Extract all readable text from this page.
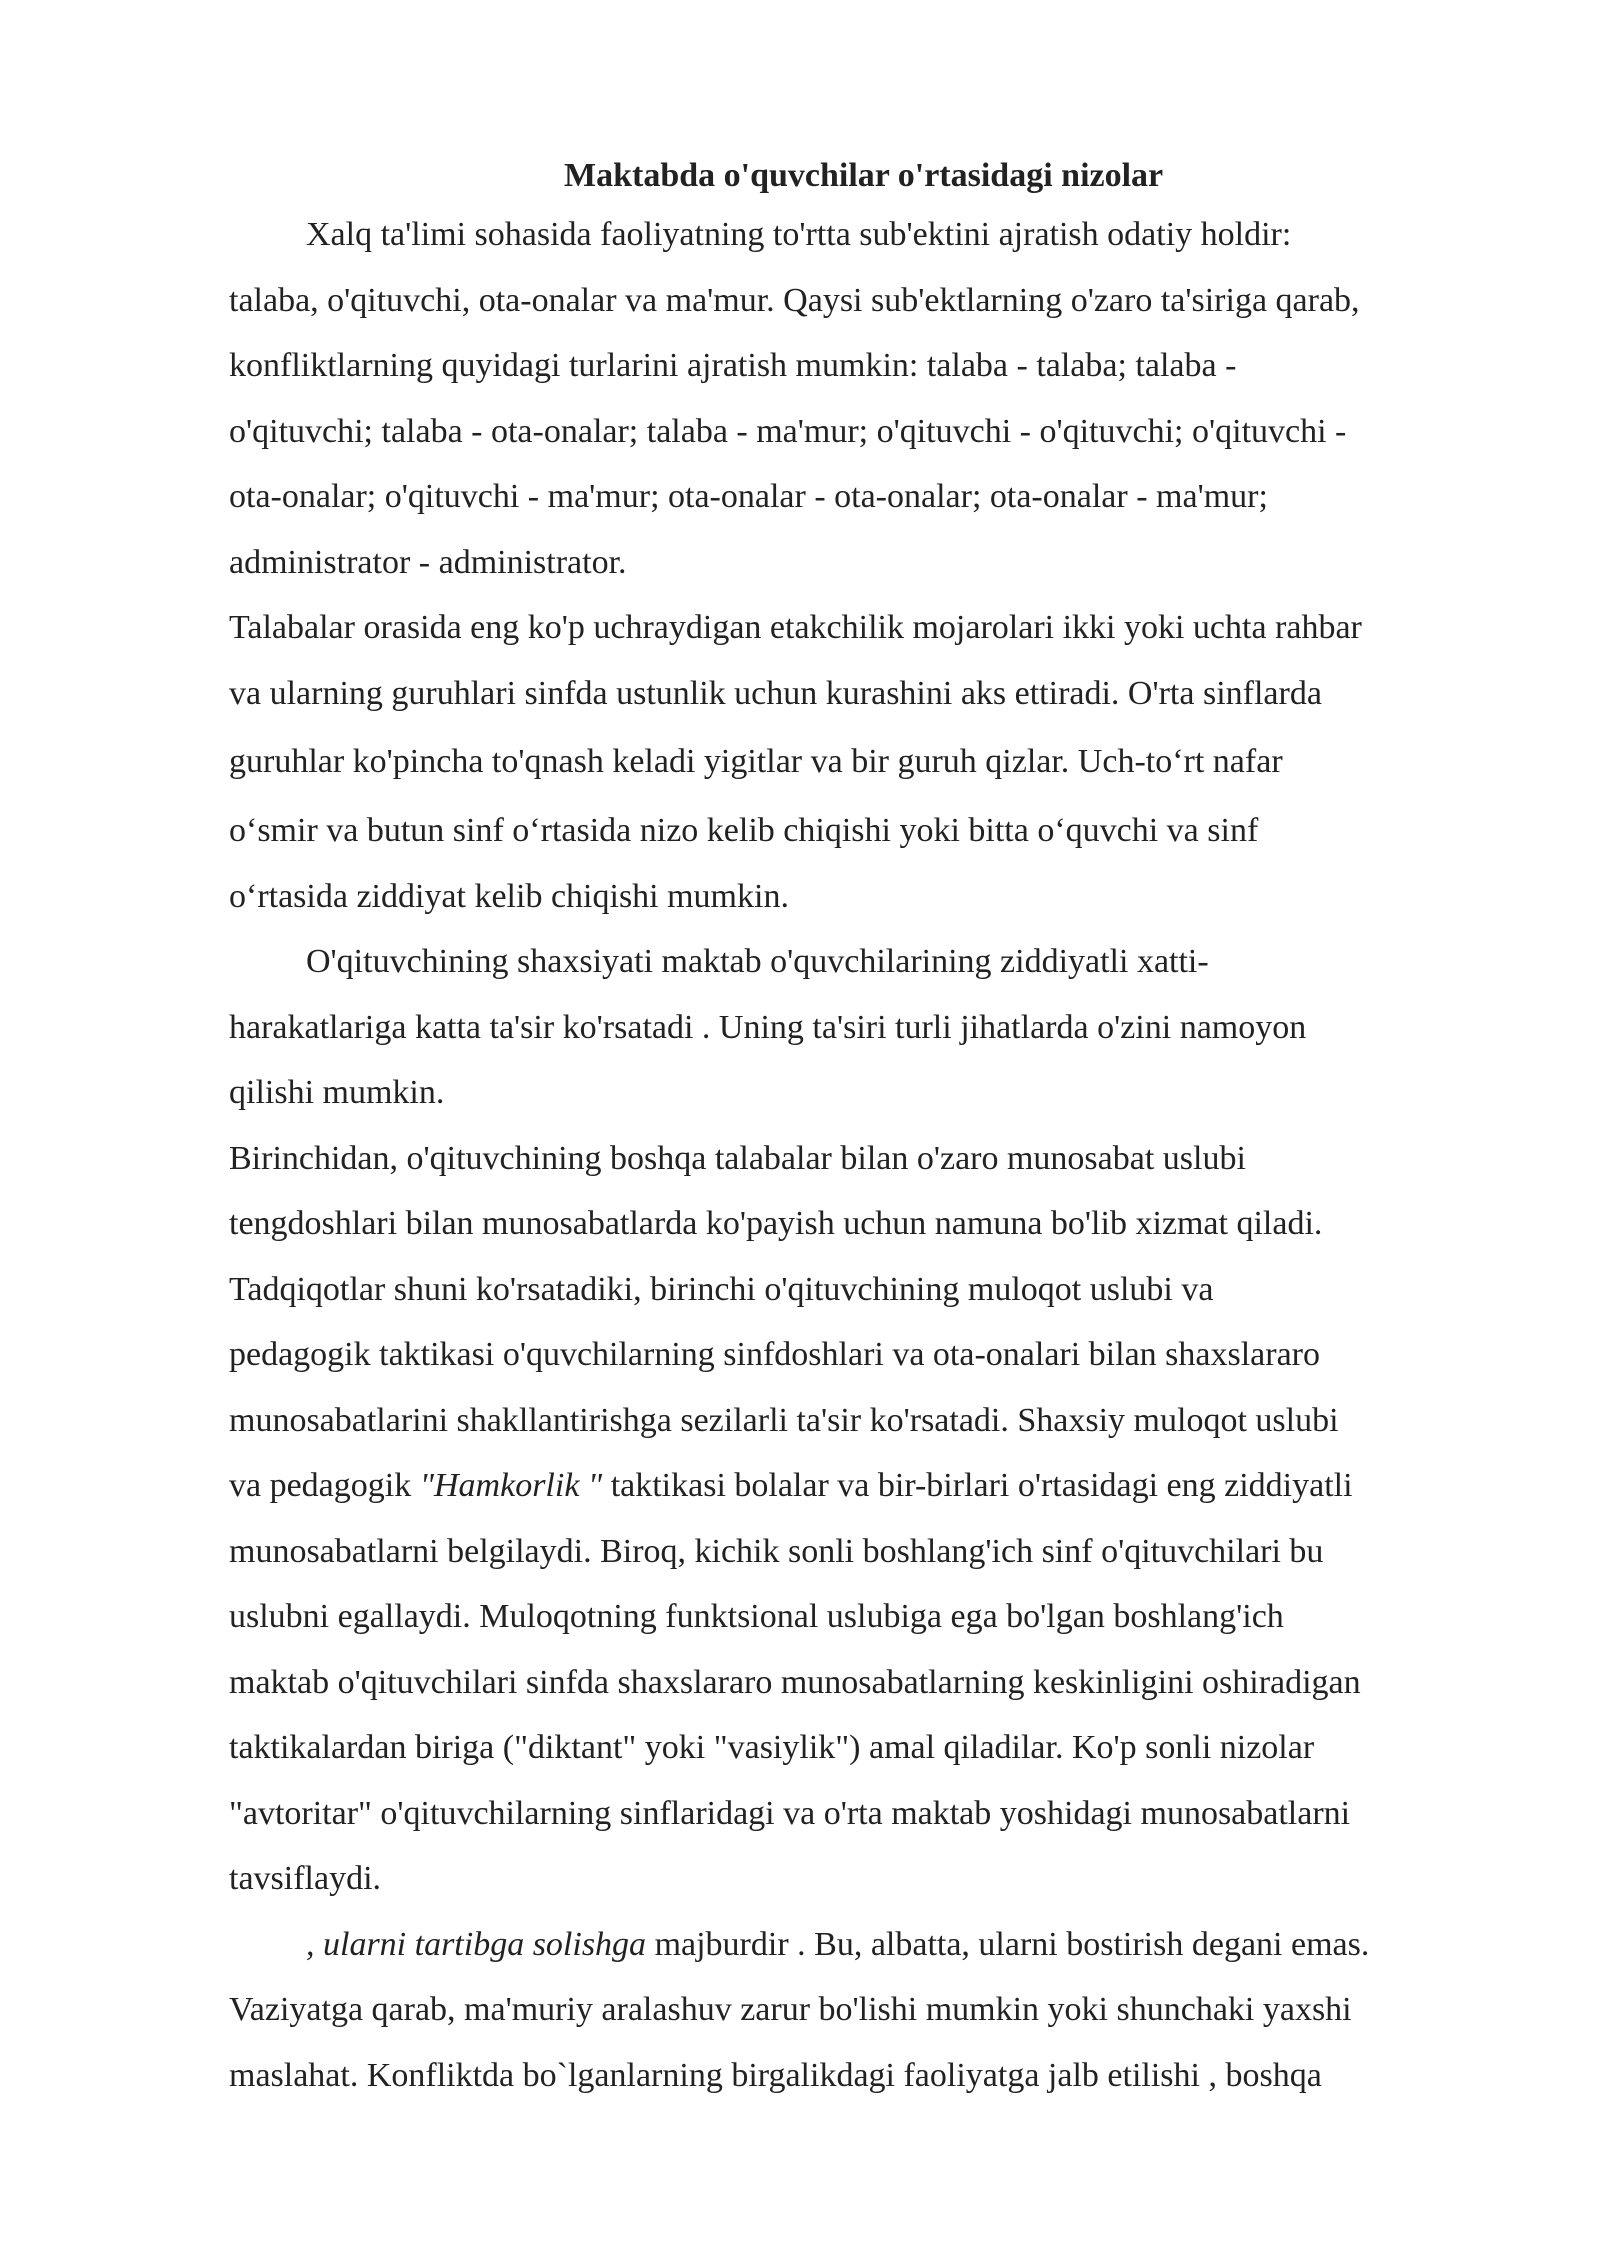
Maktabda o'quvchilar o'rtasidagi nizolar

Xalq ta'limi sohasida faoliyatning to'rtta sub'ektini ajratish odatiy holdir:
talaba, o'qituvchi, ota-onalar va ma'mur. Qaysi sub'ektlarning o'zaro ta'siriga qarab,
konfliktlarning quyidagi turlarini ajratish mumkin: talaba - talaba; talaba -
o'qituvchi; talaba - ota-onalar; talaba - ma'mur; o'qituvchi - o'qituvchi; o'qituvchi -
ota-onalar; o'qituvchi - ma'mur; ota-onalar - ota-onalar; ota-onalar - ma'mur;
administrator - administrator.

Talabalar orasida eng ko'p uchraydigan etakchilik mojarolari ikki yoki uchta rahbar
va ularning guruhlari sinfda ustunlik uchun kurashini aks ettiradi. O'rta sinflarda
guruhlar ko'pincha to'qnash keladi yigitlar va bir guruh qizlar. Uch-to‘rt nafar
o‘smir va butun sinf o‘rtasida nizo kelib chiqishi yoki bitta o‘quvchi va sinf
o‘rtasida ziddiyat kelib chiqishi mumkin.

O'qituvchining shaxsiyati maktab o'quvchilarining ziddiyatli xatti-
harakatlariga katta ta'sir ko'rsatadi . Uning ta'siri turli jihatlarda o'zini namoyon
qilishi mumkin.

Birinchidan, o'qituvchining boshqa talabalar bilan o'zaro munosabat uslubi
tengdoshlari bilan munosabatlarda ko'payish uchun namuna bo'lib xizmat qiladi.
Tadqiqotlar shuni ko'rsatadiki, birinchi o'qituvchining muloqot uslubi va
pedagogik taktikasi o'quvchilarning sinfdoshlari va ota-onalari bilan shaxslararo
munosabatlarini shakllantirishga sezilarli ta'sir ko'rsatadi. Shaxsiy muloqot uslubi
va pedagogik "Hamkorlik " taktikasi bolalar va bir-birlari o'rtasidagi eng ziddiyatli
munosabatlarni belgilaydi. Biroq, kichik sonli boshlang'ich sinf o'qituvchilari bu
uslubni egallaydi. Muloqotning funktsional uslubiga ega bo'lgan boshlang'ich
maktab o'qituvchilari sinfda shaxslararo munosabatlarning keskinligini oshiradigan
taktikalardan biriga ("diktant" yoki "vasiylik") amal qiladilar. Ko'p sonli nizolar
"avtoritar" o'qituvchilarning sinflaridagi va o'rta maktab yoshidagi munosabatlarni
tavsiflaydi.

, ularni tartibga solishga majburdir . Bu, albatta, ularni bostirish degani emas.
Vaziyatga qarab, ma'muriy aralashuv zarur bo'lishi mumkin yoki shunchaki yaxshi
maslahat. Konfliktda bo`lganlarning birgalikdagi faoliyatga jalb etilishi , boshqa
